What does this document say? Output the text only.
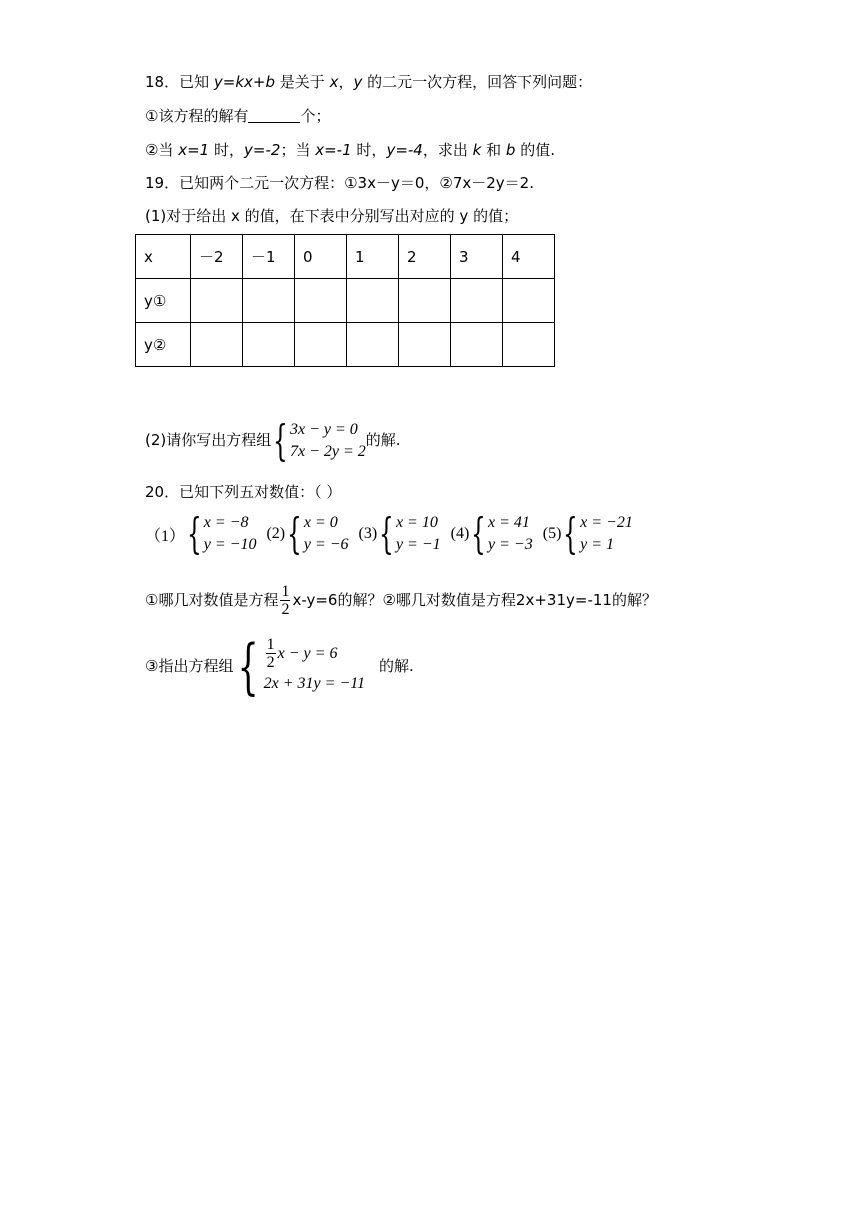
18．已知 y=kx+b 是关于 x，y 的二元一次方程，回答下列问题：
①该方程的解有	个；
②当 x=1 时，y=-2；当 x=-1 时，y=-4，求出 k 和 b 的值.
19．已知两个二元一次方程：①3x－y＝0，②7x－2y＝2.
(1)对于给出 x 的值，在下表中分别写出对应的 y 的值；
x	－2	－1	0	1	2	3	4
y①							
y②							
(2)请你写出方程组 { 3x − y = 0
7x − 2y = 2
的解.
20．已知下列五对数值：（ ）
（1） { x = −8
y = −10
(2) { x = 0
y = −6
(3) { x = 10
y = −1
(4) { x = 41
y = −3
(5) { x = −21
y = 1
①哪几对数值是方程 $\frac{1}{2} x-y=6$的解？②哪几对数值是方程2x+31y=-11的解？
③指出方程组 { $\frac{1}{2}$ x − y = 6
2x + 31y = −11
的解.
